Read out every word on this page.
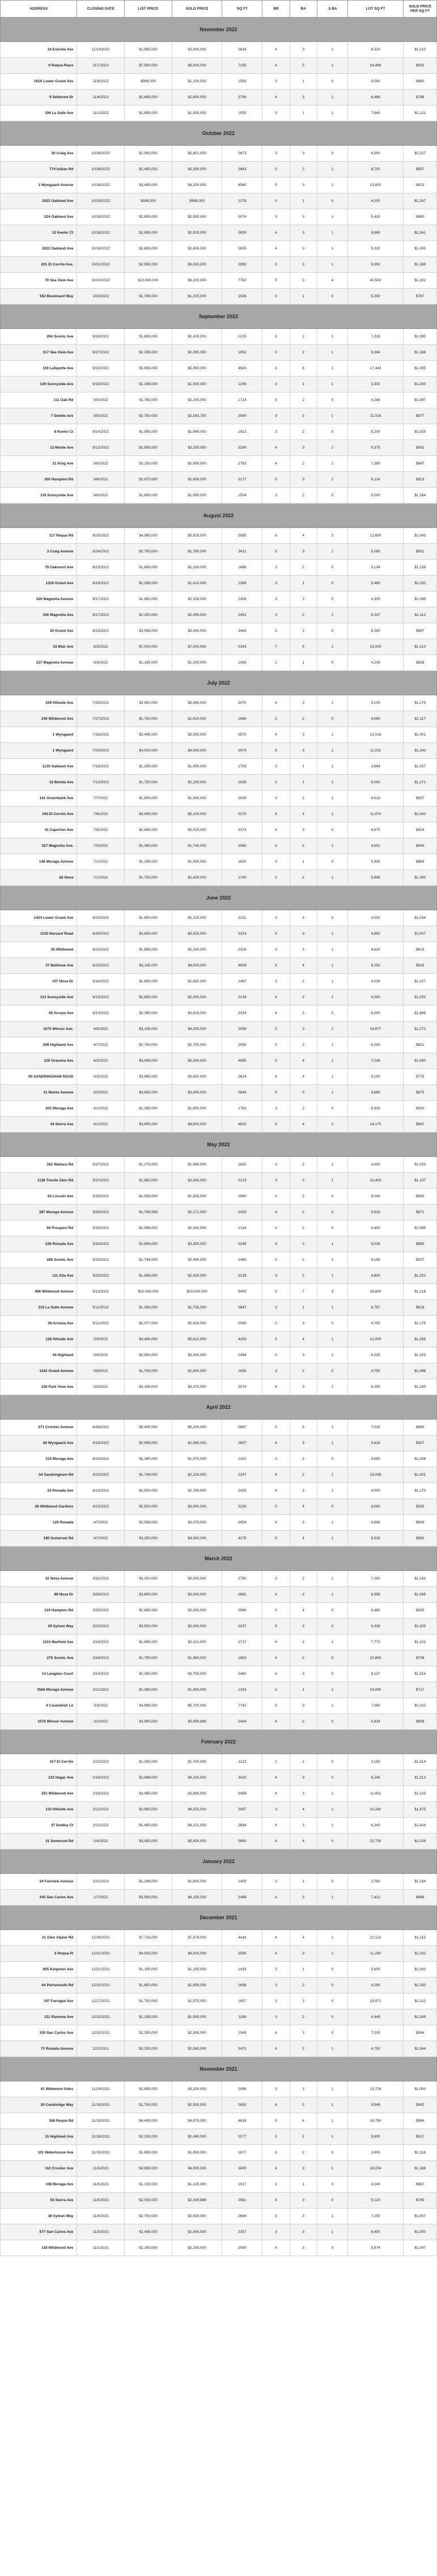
ADDRESS	CLOSING DATE	LIST PRICE	SOLD PRICE	SQ FT	BR	BA	.5 BA	LOT SQ FT	SOLD PRICE PER SQ FT
November 2022									
34 Estrella Ave	11/14/2022	$2,995,000	$3,400,000	3834	4	3	1	8,320	$1,010
9 Requa Place	11/7/2022	$7,500,000	$6,000,000	7185	4	5	1	24,486	$835
1610 Lower Grand Ave	11/8/2022	$998,000	$1,100,000	1563	3	1	0	5,040	$960
9 Selborne Dr	11/4/2022	$2,695,000	$2,800,000	3756	4	3	1	6,468	$768
199 La Salle Ave	11/1/2022	$1,895,000	$1,920,000	1555	3	1	1	7,840	$1,121
October 2022									
30 Craig Ave	10/28/2022	$2,995,000	$2,801,000	2873	3	3	0	6,000	$1,027
774 Indian Rd	10/28/2022	$2,495,000	$3,330,000	2843	3	2	1	8,700	$957
2 Wyngaard Avenue	10/24/2022	$3,495,000	$4,200,000	4580	5	3	1	13,800	$913
2023 Oakland Ave	10/19/2022	$999,000	$999,000	1278	3	1	0	4,200	$1,267
224 Oakland Ave	10/18/2022	$2,895,000	$2,950,000	3074	3	3	1	5,420	$960
12 Keeler Ct	10/18/2022	$2,885,000	$2,925,000	2809	4	3	1	8,680	$1,041
2022 Oakland Ave	10/19/2022	$2,695,000	$2,635,000	2805	4	3	1	5,320	$1,000
201 El Cerrito Ave.	10/11/2022	$2,995,000	$3,050,000	2990	3	3	1	5,950	$1,169
70 Sea View Ave	10/10/2022	$10,800,000	$9,200,000	7762	5	3	4	40,500	$1,282
552 Boulevard Way	10/6/2022	$1,789,000	$1,225,000	1506	3	1	0	5,350	$787
September 2022									
264 Scenic Ave	9/28/2022	$1,895,000	$2,425,000	2225	3	2	1	7,315	$1,090
317 Sea View Ave	9/27/2022	$2,295,000	$2,395,000	1952	3	2	1	8,364	$1,188
119 Lafayette Ave	9/20/2022	$5,950,000	$5,950,000	4583	3	6	1	17,443	$1,095
129 Sunnyside Ave	9/19/2022	$1,298,000	$1,505,000	1296	3	1	1	3,300	$1,200
111 Oak Rd	9/9/2022	$1,785,000	$2,200,000	1714	3	2	0	4,284	$1,097
7 Selette Ave	9/9/2022	$2,750,000	$2,583,750	2940	3	2	1	11,016	$877
8 Keeler Ct	9/14/2022	$1,995,000	$1,960,000	1912	3	2	0	5,200	$1,025
12 Monte Ave	9/12/2022	$2,995,000	$3,250,000	3290	4	3	1	6,375	$991
21 King Ave	9/6/2022	$3,250,000	$2,800,000	2783	4	2	1	7,380	$887
300 Hampton Rd	9/6/2022	$2,875,000	$2,900,000	3177	5	3	1	6,114	$913
119 Sunnyside Ave	9/6/2022	$1,695,000	$1,950,000	1504	3	2	0	5,000	$1,264
August 2022									
117 Requa Rd	8/26/2022	$4,995,000	$5,825,000	5585	6	4	3	12,600	$1,043
3 Craig Avenue	8/24/2022	$2,795,000	$2,795,000	3411	5	3	1	5,080	$801
79 Oakmont Ave	8/19/2022	$1,895,000	$2,100,000	1686	3	2	0	5,104	$1,238
1320 Grand Ave	8/18/2022	$1,295,000	$1,410,000	1369	3	1	0	5,465	$1,032
326 Magnolia Avenue	8/17/2022	$1,995,000	$2,326,000	2408	3	3	0	4,300	$1,049
326 Magnolia Ave	8/17/2022	$2,250,000	$2,095,500	2451	3	2	1	5,247	$1,113
30 Grand Ave	8/15/2022	$3,095,000	$3,300,000	3445	5	3	0	8,280	$987
15 Muir Ave	8/3/2022	$7,000,000	$7,000,000	5343	7	5	1	15,000	$1,310
237 Magnolia Avenue	8/3/2022	$1,195,000	$1,205,000	1438	2	1	0	4,209	$838
July 2022									
209 Hillside Ave	7/29/2022	$3,450,000	$3,565,000	3070	4	3	1	9,100	$1,279
240 Wildwood Ave	7/27/2022	$1,750,000	$1,810,000	1666	3	2	0	4,080	$1,117
1 Wyngaard	7/26/2022	$3,495,000	$3,300,000	3570	4	3	1	10,019	$1,001
1 Wyngaard	7/20/2022	$4,000,000	$4,000,000	3979	5	3	1	11,232	$1,343
1135 Oakland Ave	7/18/2022	$1,295,000	$1,450,000	1753	3	1	1	3,864	$1,027
10 Bonita Ave	7/12/2022	$1,750,000	$2,150,000	1836	3	1	1	6,000	$1,171
141 Greenbank Ave	7/7/2022	$1,809,000	$1,900,000	2028	3	2	1	6,613	$937
343 El Cerrito Ave	7/6/2022	$4,995,000	$5,100,000	5270	6	4	1	11,974	$1,043
41 Caperton Ave	7/6/2022	$2,695,000	$3,025,000	3273	4	3	0	6,675	$924
327 Magnolia Ave.	7/5/2022	$1,395,000	$1,740,000	2062	3	2	1	4,651	$844
146 Moraga Avenue	7/1/2022	$1,295,000	$1,400,000	1620	3	1	0	5,906	$864
82 Nova	7/1/2022	$1,750,000	$2,425,000	1740	3	2	1	5,896	$1,399
June 2022									
1424 Lower Grand Ave	6/29/2022	$1,850,000	$2,225,000	2151	3	3	0	3,000	$1,034
1143 Harvard Road	6/28/2022	$3,695,000	$3,925,000	3323	5	3	1	4,882	$1,007
35 Wildwood	6/23/2022	$1,895,000	$2,200,000	2328	3	3	1	4,620	$613
37 Bellevue Ave	6/23/2022	$4,195,000	$4,000,000	4908	5	4	1	6,252	$815
107 Nova Dr	6/14/2022	$1,695,000	$1,850,000	1467	3	2	1	4,026	$1,227
123 Sunnyside Ave	6/13/2022	$1,895,000	$2,000,000	2134	4	2	1	4,000	$1,052
95 Arroyo Ave	6/13/2022	$2,395,000	$3,826,000	2254	4	3	0	5,000	$1,698
1075 Winsor Ave.	6/9/2022	$3,195,000	$4,250,000	3059	5	3	2	18,877	$1,272
209 Highland Ave	6/7/2022	$2,750,000	$2,750,000	2059	5	2	1	5,000	$821
120 Oracena Ave	6/3/2022	$4,495,000	$5,300,000	4885	5	4	1	7,236	$1,080
90 SANDRINGHAM ROAD	6/3/2022	$3,995,000	$3,650,000	3824	4	4	1	9,150	$775
31 Monte Avenue	6/2/2022	$3,995,000	$3,650,000	3684	5	3	1	9,680	$875
202 Moraga Ave	6/1/2022	$1,295,000	$1,650,000	1762	3	2	0	5,920	$930
44 Sierra Ave	6/1/2022	$3,995,000	$4,600,000	4602	5	4	2	14,175	$967
May 2022									
162 Wallace Rd	5/27/2022	$1,278,000	$1,560,000	1692	3	2	1	4,000	$1,023
1138 Trestle Glen Rd	5/27/2022	$1,850,000	$2,350,000	2123	3	3	1	10,403	$1,107
62 Lincoln Ave	5/26/2022	$1,595,000	$1,925,000	1940	3	2	0	9,240	$992
387 Moraga Avenue	5/26/2022	$1,799,999	$2,171,000	2420	4	2	0	9,918	$871
59 Prospect Rd	5/26/2022	$1,998,000	$2,300,000	2119	3	2	0	4,400	$1,085
128 Ronada Ave	5/24/2022	$2,995,000	$3,350,000	3346	4	3	1	5,038	$885
286 Scenic Ave	5/20/2022	$1,749,000	$2,480,000	2460	3	2	1	6,165	$927
111 Alta Ave	5/20/2022	$1,995,000	$2,420,000	2218	3	2	1	4,800	$1,203
406 Wildwood Avenue	5/13/2022	$10,000,000	$10,000,000	8400	5	7	3	28,800	$1,218
310 La Salle Avenue	5/11/2022	$1,395,000	$1,755,000	3647	3	1	1	8,767	$818
39 Arruma Ave	5/11/2022	$2,077,000	$2,425,000	2060	3	3	0	4,750	$1,176
126 Hillside Ave	5/9/2022	$4,495,000	$5,612,500	4203	5	4	1	12,000	$1,336
44 Highland	5/6/2022	$2,950,000	$3,300,000	2494	3	3	1	5,025	$1,323
1242 Grand Avenue	5/6/2022	$1,799,000	$1,800,000	1655	3	2	0	4,750	$1,088
230 Park View Ave	5/3/2022	$3,185,000	$3,375,000	3074	4	3	1	6,250	$1,160
April 2022									
271 Crocker Avenue	4/26/2022	$5,495,000	$5,200,000	5867	5	5	1	7,020	$860
50 Wyngaard Ave	4/19/2022	$2,995,000	$2,580,000	2807	4	3	1	5,616	$907
210 Moraga Ave	4/29/2022	$1,395,000	$1,575,000	1301	3	2	0	5,650	$1,208
54 Sandringham Rd	4/20/2022	$1,749,000	$2,100,000	2347	4	2	1	16,058	$1,001
33 Ronada Ave	4/13/2022	$2,500,000	$2,750,000	2425	4	3	1	4,000	$1,170
29 Wildwood Gardens	4/13/2022	$2,500,000	$3,000,000	3230	5	4	0	9,090	$935
129 Ronada	4/7/2022	$2,598,000	$3,075,000	3054	4	3	1	4,888	$934
180 Somerset Rd	4/7/2022	$3,250,000	$4,300,000	4175	5	4	1	8,516	$992
March 2022									
32 Nova Avenue	3/31/2022	$3,200,000	$3,200,000	2750	3	2	1	7,260	$1,162
89 Nova Dr	3/28/2022	$3,895,000	$3,900,000	3661	4	3	1	6,958	$1,065
319 Hampton Rd	3/25/2022	$2,895,000	$3,200,000	3966	5	4	0	6,460	$635
29 Sylvan Way	3/22/2022	$3,500,000	$3,900,000	3237	5	3	0	6,336	$1,205
1115 Warfield Ave	3/18/2022	$1,895,000	$2,110,000	2717	4	2	1	7,773	$1,101
275 Scenic Ave	3/16/2022	$1,795,000	$1,980,000	1852	4	2	0	10,880	$708
14 Langdon Court	3/14/2022	$2,350,000	$3,750,000	2460	4	3	0	8,137	$1,524
3566 Moraga Avenue	3/11/2022	$1,399,000	$1,450,000	1316	3	1	1	18,090	$717
6 Cavendish Ln	3/3/2022	$4,995,000	$5,700,000	7742	5	3	1	7,080	$1,022
1070 Winsor Avenue	3/1/2022	$3,995,000	$3,958,888	2404	4	2	0	5,824	$808
February 2022									
417 El Cerrito	2/23/2022	$1,295,000	$1,700,000	1123	2	1	0	3,150	$1,314
123 Hagar Ave	2/16/2022	$2,998,000	$4,150,000	3420	4	3	0	6,245	$1,213
251 Wildwood Ave	2/16/2022	$3,495,000	$3,890,000	3458	4	3	1	11,451	$1,125
133 Hillside Ave	2/11/2022	$2,995,000	$4,525,000	3067	3	4	1	10,240	$1,475
37 Dudley Ct	2/11/2022	$1,495,000	$4,121,000	2894	4	3	1	6,240	$1,424
31 Somerset Rd	2/4/2022	$3,995,000	$5,400,000	5960	4	4	0	22,730	$1,029
January 2022									
24 Fairview Avenue	1/31/2022	$1,298,000	$1,600,000	1400	3	1	0	2,765	$1,164
245 San Carlos Ave	1/7/2022	$3,995,000	$4,150,000	3468	4	3	1	7,412	$868
December 2021									
21 Glen Alpine Rd	12/29/2021	$7,718,000	$7,678,000	4416	4	4	1	22,113	$1,115
6 Requa Pl	12/21/2021	$4,595,000	$4,500,000	3595	4	3	1	11,280	$1,032
905 Kingston Ave	12/21/2021	$1,195,000	$1,195,000	1419	3	1	0	5,600	$1,033
64 Portsmouth Rd	12/21/2021	$1,850,000	$1,850,000	1698	3	2	0	4,180	$1,250
107 Farragut Ave	12/17/2021	$1,750,000	$1,575,000	1657	3	3	0	18,971	$1,110
211 Ramona Ave	12/10/2021	$1,298,000	$1,565,000	1188	3	2	0	4,448	$1,289
330 San Carlos Ave	12/10/2021	$2,395,000	$2,395,000	2349	4	3	0	7,200	$994
71 Ronada Avenue	12/2/2021	$2,250,000	$2,580,000	2472	4	2	1	4,750	$1,044
November 2021									
41 Wildwood Gdns	11/24/2021	$2,895,000	$3,200,000	2496	3	3	1	13,728	$1,000
30 Cambridge Way	11/19/2021	$1,750,000	$2,500,000	2653	4	2	1	9,549	$942
168 Requa Rd	11/19/2021	$4,495,000	$4,875,000	4618	5	4	1	16,750	$864
15 Highland Ave	11/18/2021	$2,250,000	$2,480,000	2277	3	2	1	5,600	$917
101 Waterhouse Ave	11/15/2021	$1,695,000	$1,850,000	1877	3	2	0	3,800	$1,116
110 Crocker Ave	11/9/2021	$4,995,000	$4,900,000	3400	4	3	1	18,204	$1,188
108 Moraga Ave	11/5/2021	$1,135,000	$1,125,000	1917	2	1	0	4,040	$967
55 Sierra Ave	11/5/2021	$2,000,000	$2,038,888	2581	4	3	0	5,120	$795
38 Sylvan Way	11/4/2021	$2,750,000	$2,650,000	2664	3	3	1	7,250	$1,057
577 San Carlos Ave	11/3/2021	$2,495,000	$2,495,000	2357	3	3	1	6,400	$1,000
118 Wildwood Ave	11/1/2021	$2,150,000	$2,250,000	2090	4	3	0	5,874	$1,047
